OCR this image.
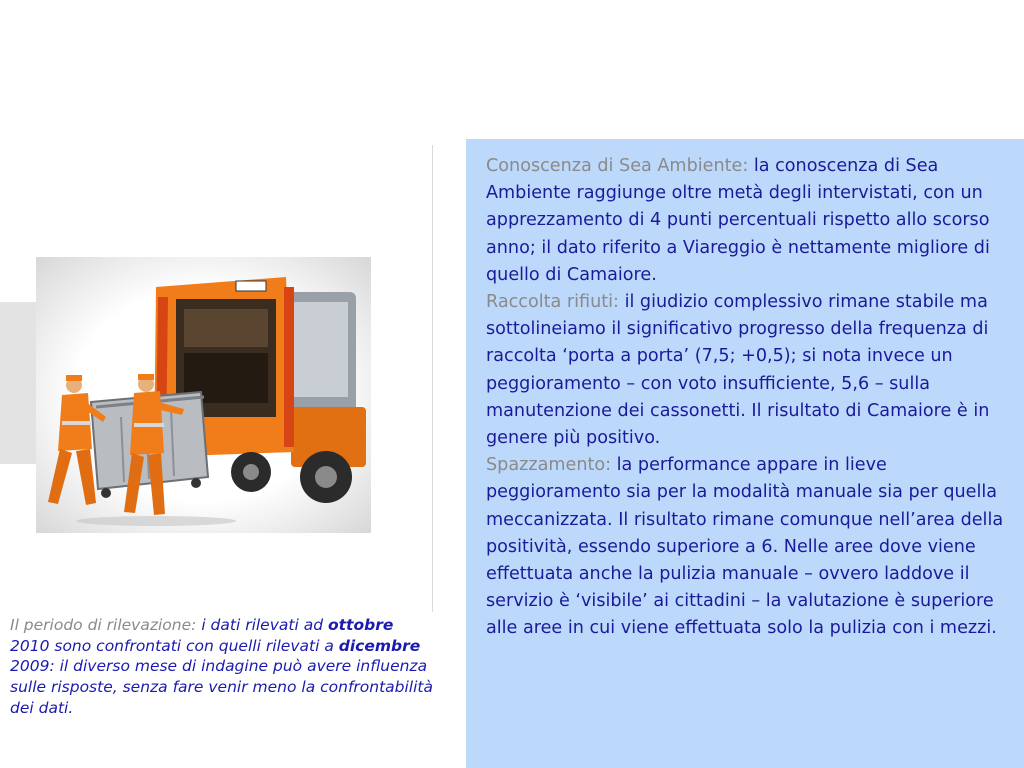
Il periodo di rilevazione: i dati rilevati ad ottobre 2010 sono confrontati con quelli rilevati a dicembre 2009: il diverso mese di indagine può avere influenza sulle risposte, senza fare venir meno la confrontabilità dei dati.

Conoscenza di Sea Ambiente: la conoscenza di Sea Ambiente raggiunge oltre metà degli intervistati, con un apprezzamento di 4 punti percentuali rispetto allo scorso anno; il dato riferito a Viareggio è nettamente migliore di quello di Camaiore.

Raccolta rifiuti: il giudizio complessivo rimane stabile ma sottolineiamo il significativo progresso della frequenza di raccolta ‘porta a porta’ (7,5; +0,5); si nota invece un peggioramento – con voto insufficiente, 5,6 – sulla manutenzione dei cassonetti. Il risultato di Camaiore è in genere più positivo.

Spazzamento: la performance appare in lieve peggioramento sia per la modalità manuale sia per quella meccanizzata. Il risultato rimane comunque nell’area della positività, essendo superiore a 6. Nelle aree dove viene effettuata anche la pulizia manuale – ovvero laddove il servizio è ‘visibile’ ai cittadini – la valutazione è superiore alle aree in cui viene effettuata solo la pulizia con i mezzi.
